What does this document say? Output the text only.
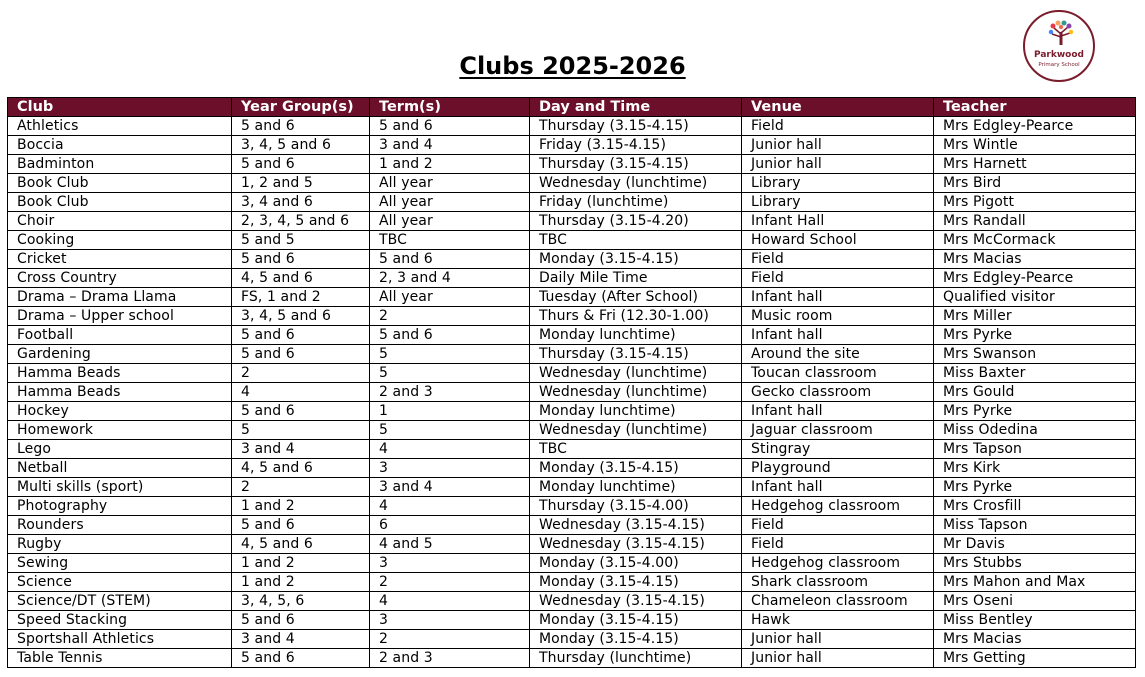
Clubs 2025-2026	Parkwood
Primary School
Club	Year Group(s)	Term(s)	Day and Time	Venue	Teacher
Athletics	5 and 6	5 and 6	Thursday (3.15-4.15)	Field	Mrs Edgley-Pearce
Boccia	3, 4, 5 and 6	3 and 4	Friday (3.15-4.15)	Junior hall	Mrs Wintle
Badminton	5 and 6	1 and 2	Thursday (3.15-4.15)	Junior hall	Mrs Harnett
Book Club	1, 2 and 5	All year	Wednesday (lunchtime)	Library	Mrs Bird
Book Club	3, 4 and 6	All year	Friday (lunchtime)	Library	Mrs Pigott
Choir	2, 3, 4, 5 and 6	All year	Thursday (3.15-4.20)	Infant Hall	Mrs Randall
Cooking	5 and 5	TBC	TBC	Howard School	Mrs McCormack
Cricket	5 and 6	5 and 6	Monday (3.15-4.15)	Field	Mrs Macias
Cross Country	4, 5 and 6	2, 3 and 4	Daily Mile Time	Field	Mrs Edgley-Pearce
Drama – Drama Llama	FS, 1 and 2	All year	Tuesday (After School)	Infant hall	Qualified visitor
Drama – Upper school	3, 4, 5 and 6	2	Thurs & Fri (12.30-1.00)	Music room	Mrs Miller
Football	5 and 6	5 and 6	Monday lunchtime)	Infant hall	Mrs Pyrke
Gardening	5 and 6	5	Thursday (3.15-4.15)	Around the site	Mrs Swanson
Hamma Beads	2	5	Wednesday (lunchtime)	Toucan classroom	Miss Baxter
Hamma Beads	4	2 and 3	Wednesday (lunchtime)	Gecko classroom	Mrs Gould
Hockey	5 and 6	1	Monday lunchtime)	Infant hall	Mrs Pyrke
Homework	5	5	Wednesday (lunchtime)	Jaguar classroom	Miss Odedina
Lego	3 and 4	4	TBC	Stingray	Mrs Tapson
Netball	4, 5 and 6	3	Monday (3.15-4.15)	Playground	Mrs Kirk
Multi skills (sport)	2	3 and 4	Monday lunchtime)	Infant hall	Mrs Pyrke
Photography	1 and 2	4	Thursday (3.15-4.00)	Hedgehog classroom	Mrs Crosfill
Rounders	5 and 6	6	Wednesday (3.15-4.15)	Field	Miss Tapson
Rugby	4, 5 and 6	4 and 5	Wednesday (3.15-4.15)	Field	Mr Davis
Sewing	1 and 2	3	Monday (3.15-4.00)	Hedgehog classroom	Mrs Stubbs
Science	1 and 2	2	Monday (3.15-4.15)	Shark classroom	Mrs Mahon and Max
Science/DT (STEM)	3, 4, 5, 6	4	Wednesday (3.15-4.15)	Chameleon classroom	Mrs Oseni
Speed Stacking	5 and 6	3	Monday (3.15-4.15)	Hawk	Miss Bentley
Sportshall Athletics	3 and 4	2	Monday (3.15-4.15)	Junior hall	Mrs Macias
Table Tennis	5 and 6	2 and 3	Thursday (lunchtime)	Junior hall	Mrs Getting
